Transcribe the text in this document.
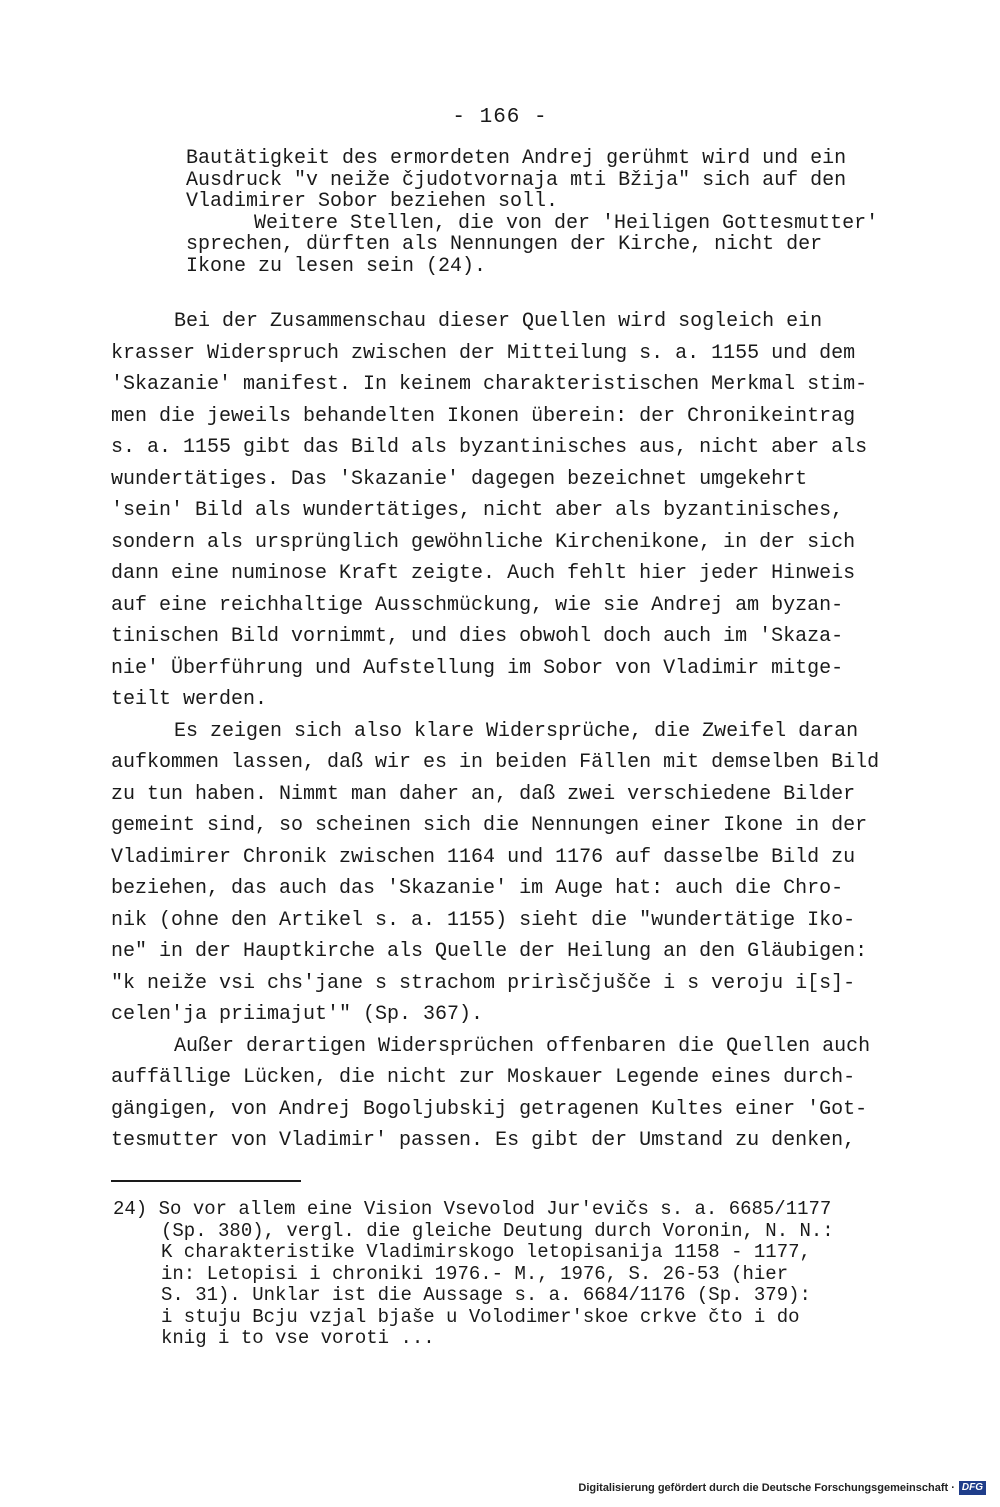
- 166 -
Bautätigkeit des ermordeten Andrej gerühmt wird und ein
Ausdruck "v neiže čjudotvornaja mti Bžija" sich auf den
Vladimirer Sobor beziehen soll.
Weitere Stellen, die von der 'Heiligen Gottesmutter'
sprechen, dürften als Nennungen der Kirche, nicht der
Ikone zu lesen sein (24).
Bei der Zusammenschau dieser Quellen wird sogleich ein
krasser Widerspruch zwischen der Mitteilung s. a. 1155 und dem
'Skazanie' manifest. In keinem charakteristischen Merkmal stim-
men die jeweils behandelten Ikonen überein: der Chronikeintrag
s. a. 1155 gibt das Bild als byzantinisches aus, nicht aber als
wundertätiges. Das 'Skazanie' dagegen bezeichnet umgekehrt
'sein' Bild als wundertätiges, nicht aber als byzantinisches,
sondern als ursprünglich gewöhnliche Kirchenikone, in der sich
dann eine numinose Kraft zeigte. Auch fehlt hier jeder Hinweis
auf eine reichhaltige Ausschmückung, wie sie Andrej am byzan-
tinischen Bild vornimmt, und dies obwohl doch auch im 'Skaza-
nie' Überführung und Aufstellung im Sobor von Vladimir mitge-
teilt werden.
Es zeigen sich also klare Widersprüche, die Zweifel daran
aufkommen lassen, daß wir es in beiden Fällen mit demselben Bild
zu tun haben. Nimmt man daher an, daß zwei verschiedene Bilder
gemeint sind, so scheinen sich die Nennungen einer Ikone in der
Vladimirer Chronik zwischen 1164 und 1176 auf dasselbe Bild zu
beziehen, das auch das 'Skazanie' im Auge hat: auch die Chro-
nik (ohne den Artikel s. a. 1155) sieht die "wundertätige Iko-
ne" in der Hauptkirche als Quelle der Heilung an den Gläubigen:
"k neiže vsi chs'jane s strachom prirìsčjušče i s veroju i[s]-
celen'ja priimajut'" (Sp. 367).
Außer derartigen Widersprüchen offenbaren die Quellen auch
auffällige Lücken, die nicht zur Moskauer Legende eines durch-
gängigen, von Andrej Bogoljubskij getragenen Kultes einer 'Got-
tesmutter von Vladimir' passen. Es gibt der Umstand zu denken,
24) So vor allem eine Vision Vsevolod Jur'evičs s. a. 6685/1177
(Sp. 380), vergl. die gleiche Deutung durch Voronin, N. N.:
K charakteristike Vladimirskogo letopisanija 1158 - 1177,
in: Letopisi i chroniki 1976.- M., 1976, S. 26-53 (hier
S. 31). Unklar ist die Aussage s. a. 6684/1176 (Sp. 379):
i stuju Bcju vzjal bjaše u Volodimer'skoe crkve čto i do
knig i to vse voroti ...
Digitalisierung gefördert durch die Deutsche Forschungsgemeinschaft · DFG
